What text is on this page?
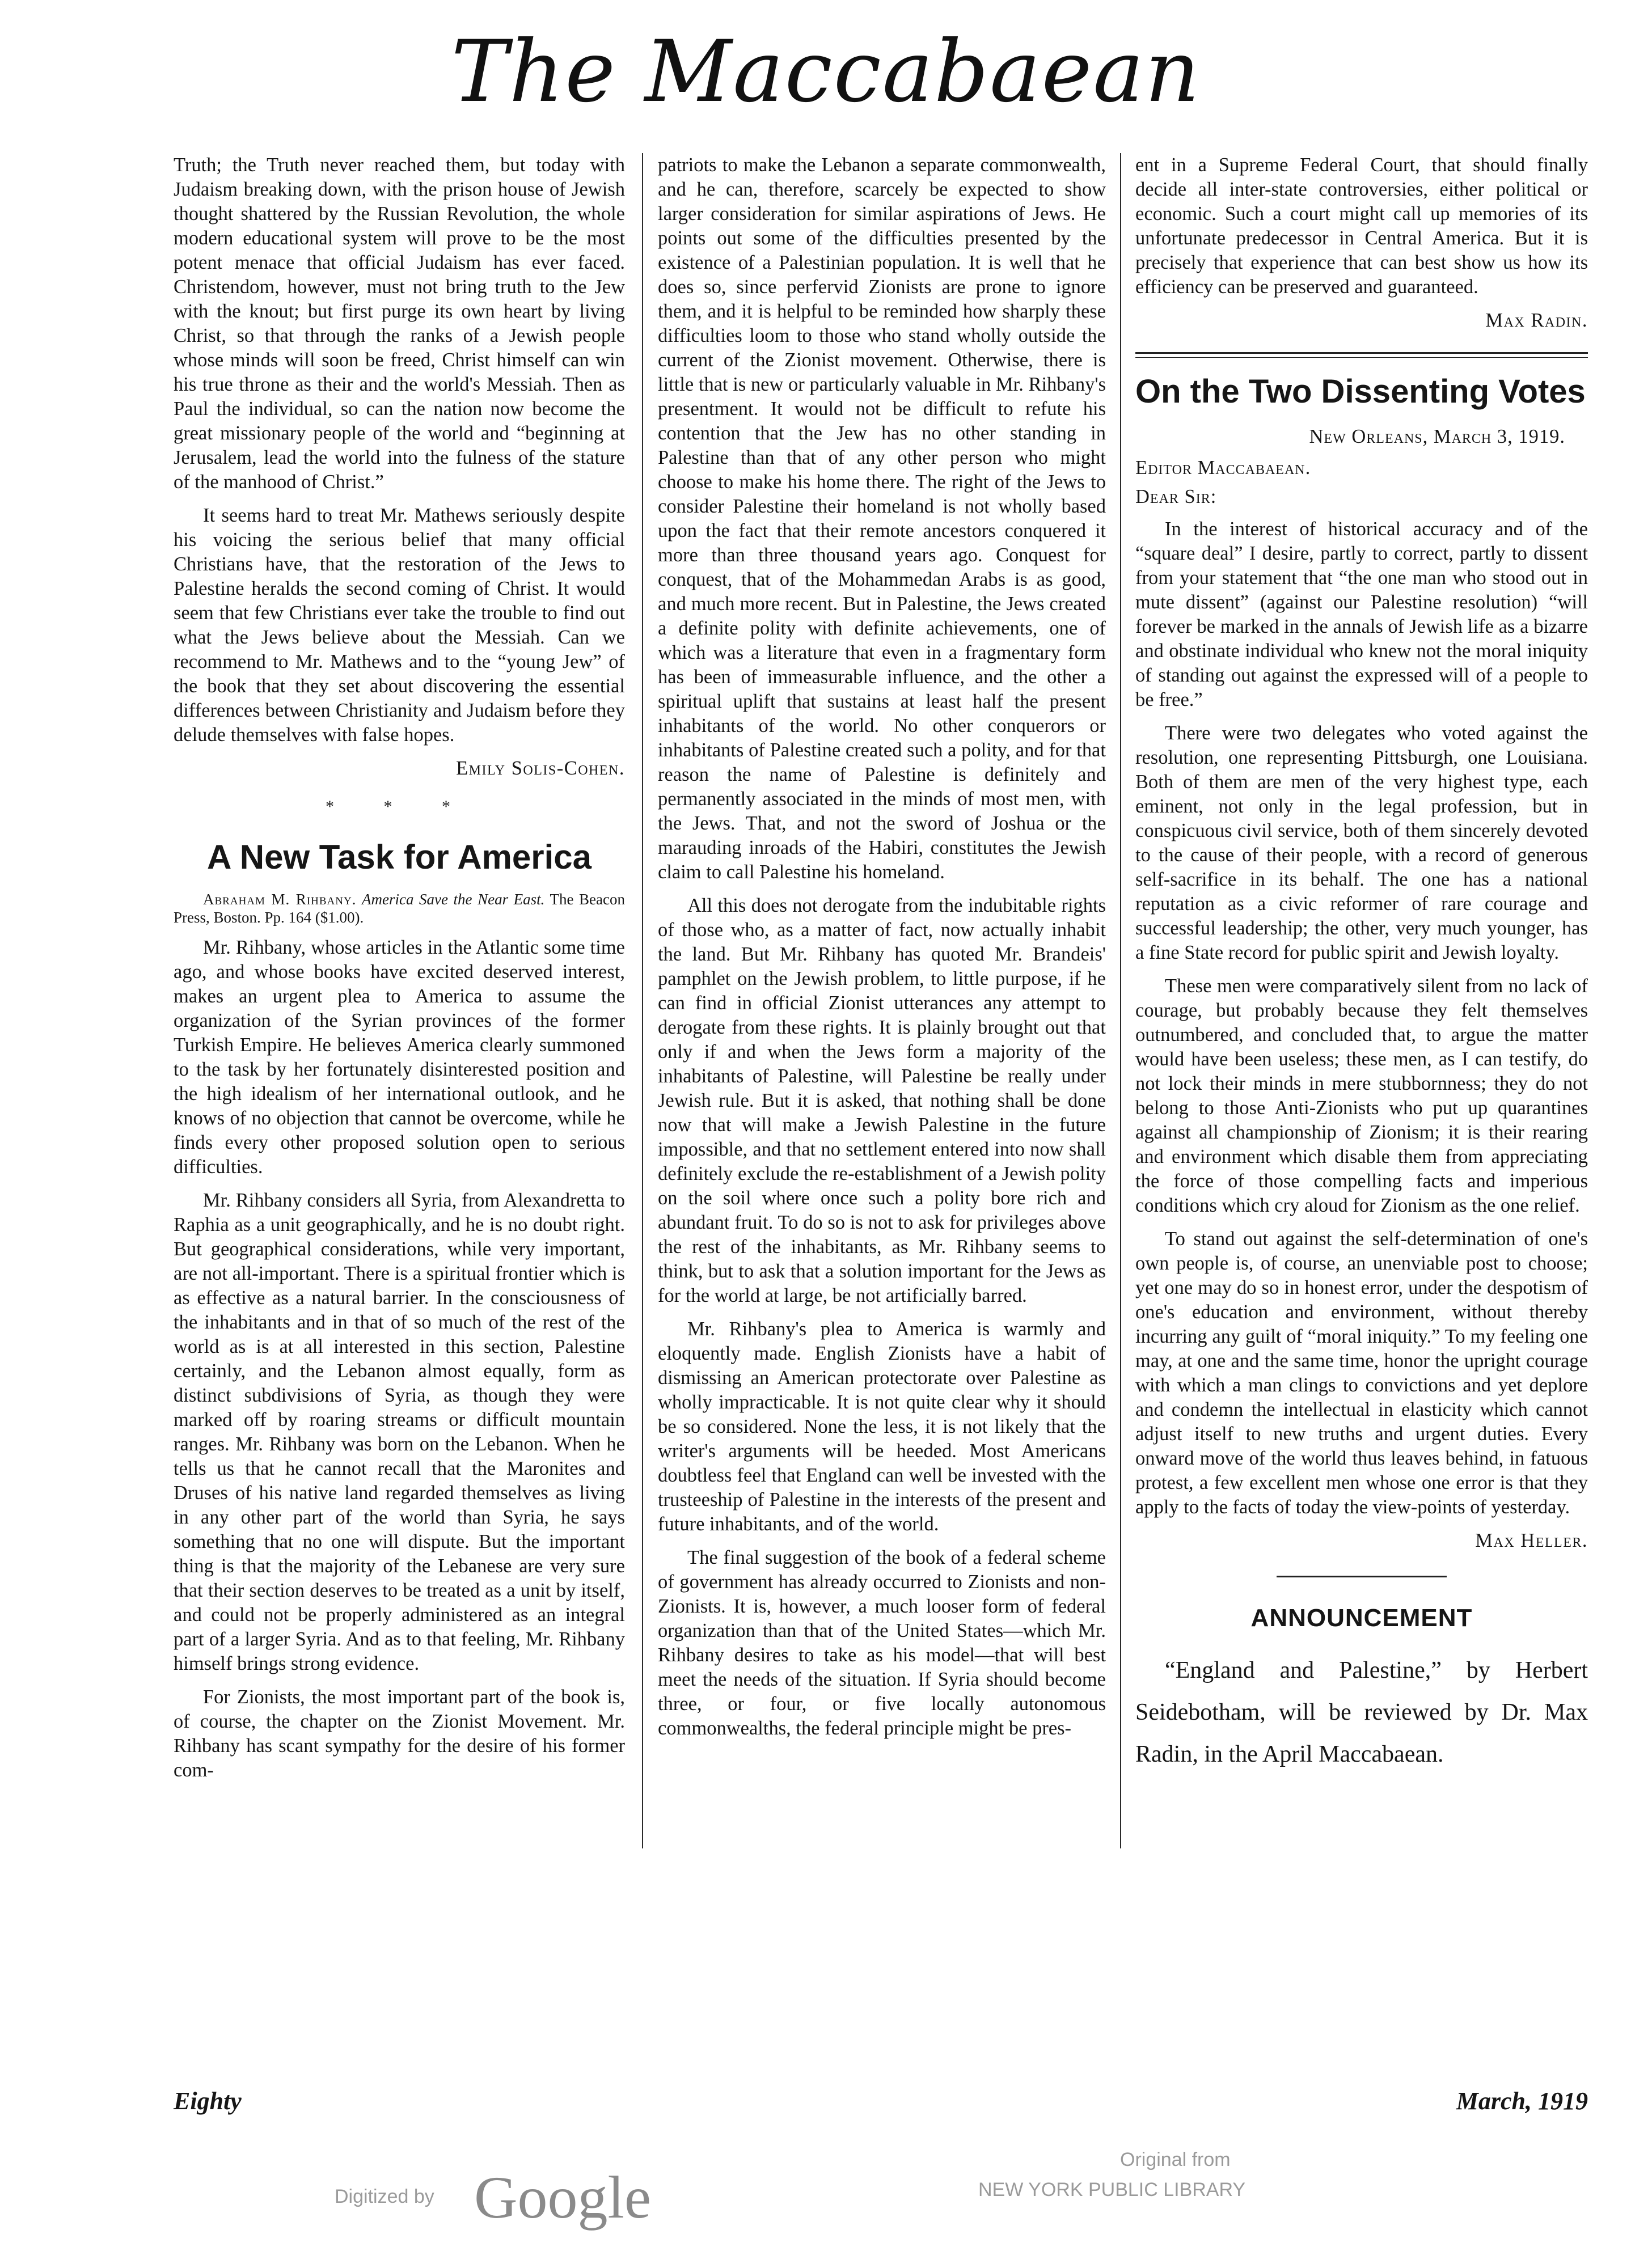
The Maccabaean

Truth; the Truth never reached them, but today with Judaism breaking down, with the prison house of Jewish thought shattered by the Russian Revolution, the whole modern educational system will prove to be the most potent menace that official Judaism has ever faced. Christendom, however, must not bring truth to the Jew with the knout; but first purge its own heart by living Christ, so that through the ranks of a Jewish people whose minds will soon be freed, Christ himself can win his true throne as their and the world's Messiah. Then as Paul the individual, so can the nation now become the great missionary people of the world and “beginning at Jerusalem, lead the world into the fulness of the stature of the manhood of Christ.”

It seems hard to treat Mr. Mathews seriously despite his voicing the serious belief that many official Christians have, that the restoration of the Jews to Palestine heralds the second coming of Christ. It would seem that few Christians ever take the trouble to find out what the Jews believe about the Messiah. Can we recommend to Mr. Mathews and to the “young Jew” of the book that they set about discovering the essential differences between Christianity and Judaism before they delude themselves with false hopes.

Emily Solis-Cohen.

* * *
A New Task for America

Abraham M. Rihbany. America Save the Near East. The Beacon Press, Boston. Pp. 164 ($1.00).

Mr. Rihbany, whose articles in the Atlantic some time ago, and whose books have excited deserved interest, makes an urgent plea to America to assume the organization of the Syrian provinces of the former Turkish Empire. He believes America clearly summoned to the task by her fortunately disinterested position and the high idealism of her international outlook, and he knows of no objection that cannot be overcome, while he finds every other proposed solution open to serious difficulties.

Mr. Rihbany considers all Syria, from Alexandretta to Raphia as a unit geographically, and he is no doubt right. But geographical considerations, while very important, are not all-important. There is a spiritual frontier which is as effective as a natural barrier. In the consciousness of the inhabitants and in that of so much of the rest of the world as is at all interested in this section, Palestine certainly, and the Lebanon almost equally, form as distinct subdivisions of Syria, as though they were marked off by roaring streams or difficult mountain ranges. Mr. Rihbany was born on the Lebanon. When he tells us that he cannot recall that the Maronites and Druses of his native land regarded themselves as living in any other part of the world than Syria, he says something that no one will dispute. But the important thing is that the majority of the Lebanese are very sure that their section deserves to be treated as a unit by itself, and could not be properly administered as an integral part of a larger Syria. And as to that feeling, Mr. Rihbany himself brings strong evidence.

For Zionists, the most important part of the book is, of course, the chapter on the Zionist Movement. Mr. Rihbany has scant sympathy for the desire of his former com-

patriots to make the Lebanon a separate commonwealth, and he can, therefore, scarcely be expected to show larger consideration for similar aspirations of Jews. He points out some of the difficulties presented by the existence of a Palestinian population. It is well that he does so, since perfervid Zionists are prone to ignore them, and it is helpful to be reminded how sharply these difficulties loom to those who stand wholly outside the current of the Zionist movement. Otherwise, there is little that is new or particularly valuable in Mr. Rihbany's presentment. It would not be difficult to refute his contention that the Jew has no other standing in Palestine than that of any other person who might choose to make his home there. The right of the Jews to consider Palestine their homeland is not wholly based upon the fact that their remote ancestors conquered it more than three thousand years ago. Conquest for conquest, that of the Mohammedan Arabs is as good, and much more recent. But in Palestine, the Jews created a definite polity with definite achievements, one of which was a literature that even in a fragmentary form has been of immeasurable influence, and the other a spiritual uplift that sustains at least half the present inhabitants of the world. No other conquerors or inhabitants of Palestine created such a polity, and for that reason the name of Palestine is definitely and permanently associated in the minds of most men, with the Jews. That, and not the sword of Joshua or the marauding inroads of the Habiri, constitutes the Jewish claim to call Palestine his homeland.

All this does not derogate from the indubitable rights of those who, as a matter of fact, now actually inhabit the land. But Mr. Rihbany has quoted Mr. Brandeis' pamphlet on the Jewish problem, to little purpose, if he can find in official Zionist utterances any attempt to derogate from these rights. It is plainly brought out that only if and when the Jews form a majority of the inhabitants of Palestine, will Palestine be really under Jewish rule. But it is asked, that nothing shall be done now that will make a Jewish Palestine in the future impossible, and that no settlement entered into now shall definitely exclude the re-establishment of a Jewish polity on the soil where once such a polity bore rich and abundant fruit. To do so is not to ask for privileges above the rest of the inhabitants, as Mr. Rihbany seems to think, but to ask that a solution important for the Jews as for the world at large, be not artificially barred.

Mr. Rihbany's plea to America is warmly and eloquently made. English Zionists have a habit of dismissing an American protectorate over Palestine as wholly impracticable. It is not quite clear why it should be so considered. None the less, it is not likely that the writer's arguments will be heeded. Most Americans doubtless feel that England can well be invested with the trusteeship of Palestine in the interests of the present and future inhabitants, and of the world.

The final suggestion of the book of a federal scheme of government has already occurred to Zionists and non-Zionists. It is, however, a much looser form of federal organization than that of the United States—which Mr. Rihbany desires to take as his model—that will best meet the needs of the situation. If Syria should become three, or four, or five locally autonomous commonwealths, the federal principle might be pres-

ent in a Supreme Federal Court, that should finally decide all inter-state controversies, either political or economic. Such a court might call up memories of its unfortunate predecessor in Central America. But it is precisely that experience that can best show us how its efficiency can be preserved and guaranteed.

Max Radin.

On the Two Dissenting Votes
New Orleans, March 3, 1919.
Editor Maccabaean.
Dear Sir:

In the interest of historical accuracy and of the “square deal” I desire, partly to correct, partly to dissent from your statement that “the one man who stood out in mute dissent” (against our Palestine resolution) “will forever be marked in the annals of Jewish life as a bizarre and obstinate individual who knew not the moral iniquity of standing out against the expressed will of a people to be free.”

There were two delegates who voted against the resolution, one representing Pittsburgh, one Louisiana. Both of them are men of the very highest type, each eminent, not only in the legal profession, but in conspicuous civil service, both of them sincerely devoted to the cause of their people, with a record of generous self-sacrifice in its behalf. The one has a national reputation as a civic reformer of rare courage and successful leadership; the other, very much younger, has a fine State record for public spirit and Jewish loyalty.

These men were comparatively silent from no lack of courage, but probably because they felt themselves outnumbered, and concluded that, to argue the matter would have been useless; these men, as I can testify, do not lock their minds in mere stubbornness; they do not belong to those Anti-Zionists who put up quarantines against all championship of Zionism; it is their rearing and environment which disable them from appreciating the force of those compelling facts and imperious conditions which cry aloud for Zionism as the one relief.

To stand out against the self-determination of one's own people is, of course, an unenviable post to choose; yet one may do so in honest error, under the despotism of one's education and environment, without thereby incurring any guilt of “moral iniquity.” To my feeling one may, at one and the same time, honor the upright courage with which a man clings to convictions and yet deplore and condemn the intellectual in elasticity which cannot adjust itself to new truths and urgent duties. Every onward move of the world thus leaves behind, in fatuous protest, a few excellent men whose one error is that they apply to the facts of today the view-points of yesterday.

Max Heller.

ANNOUNCEMENT

“England and Palestine,” by Herbert Seidebotham, will be reviewed by Dr. Max Radin, in the April Maccabaean.

Eighty	March, 1919
Digitized by Google
Original from
NEW YORK PUBLIC LIBRARY
